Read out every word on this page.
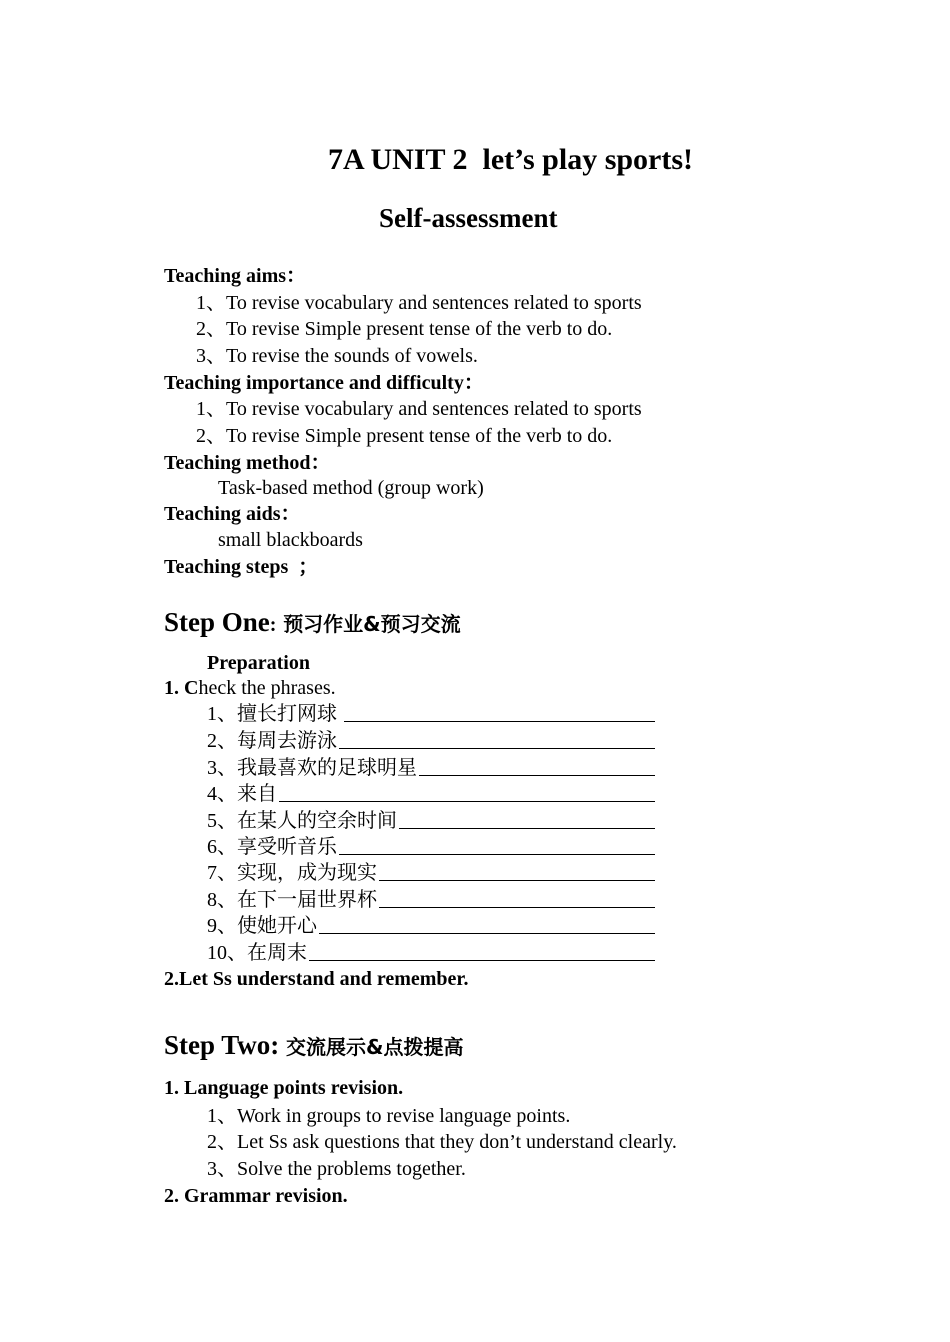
7A UNIT 2  let’s play sports!
Self-assessment
Teaching aims：
1、To revise vocabulary and sentences related to sports
2、To revise Simple present tense of the verb to do.
3、To revise the sounds of vowels.
Teaching importance and difficulty：
1、To revise vocabulary and sentences related to sports
2、To revise Simple present tense of the verb to do.
Teaching method：
Task-based method (group work)
Teaching aids：
small blackboards
Teaching steps  ；
Step One: 预习作业&预习交流
Preparation
1. Check the phrases.
1、擅长打网球
2、每周去游泳
3、我最喜欢的足球明星
4、来自
5、在某人的空余时间
6、享受听音乐
7、实现，成为现实
8、在下一届世界杯
9、使她开心
10、在周末
2.Let Ss understand and remember.
Step Two: 交流展示&点拨提高
1. Language points revision.
1、Work in groups to revise language points.
2、Let Ss ask questions that they don’t understand clearly.
3、Solve the problems together.
2. Grammar revision.
